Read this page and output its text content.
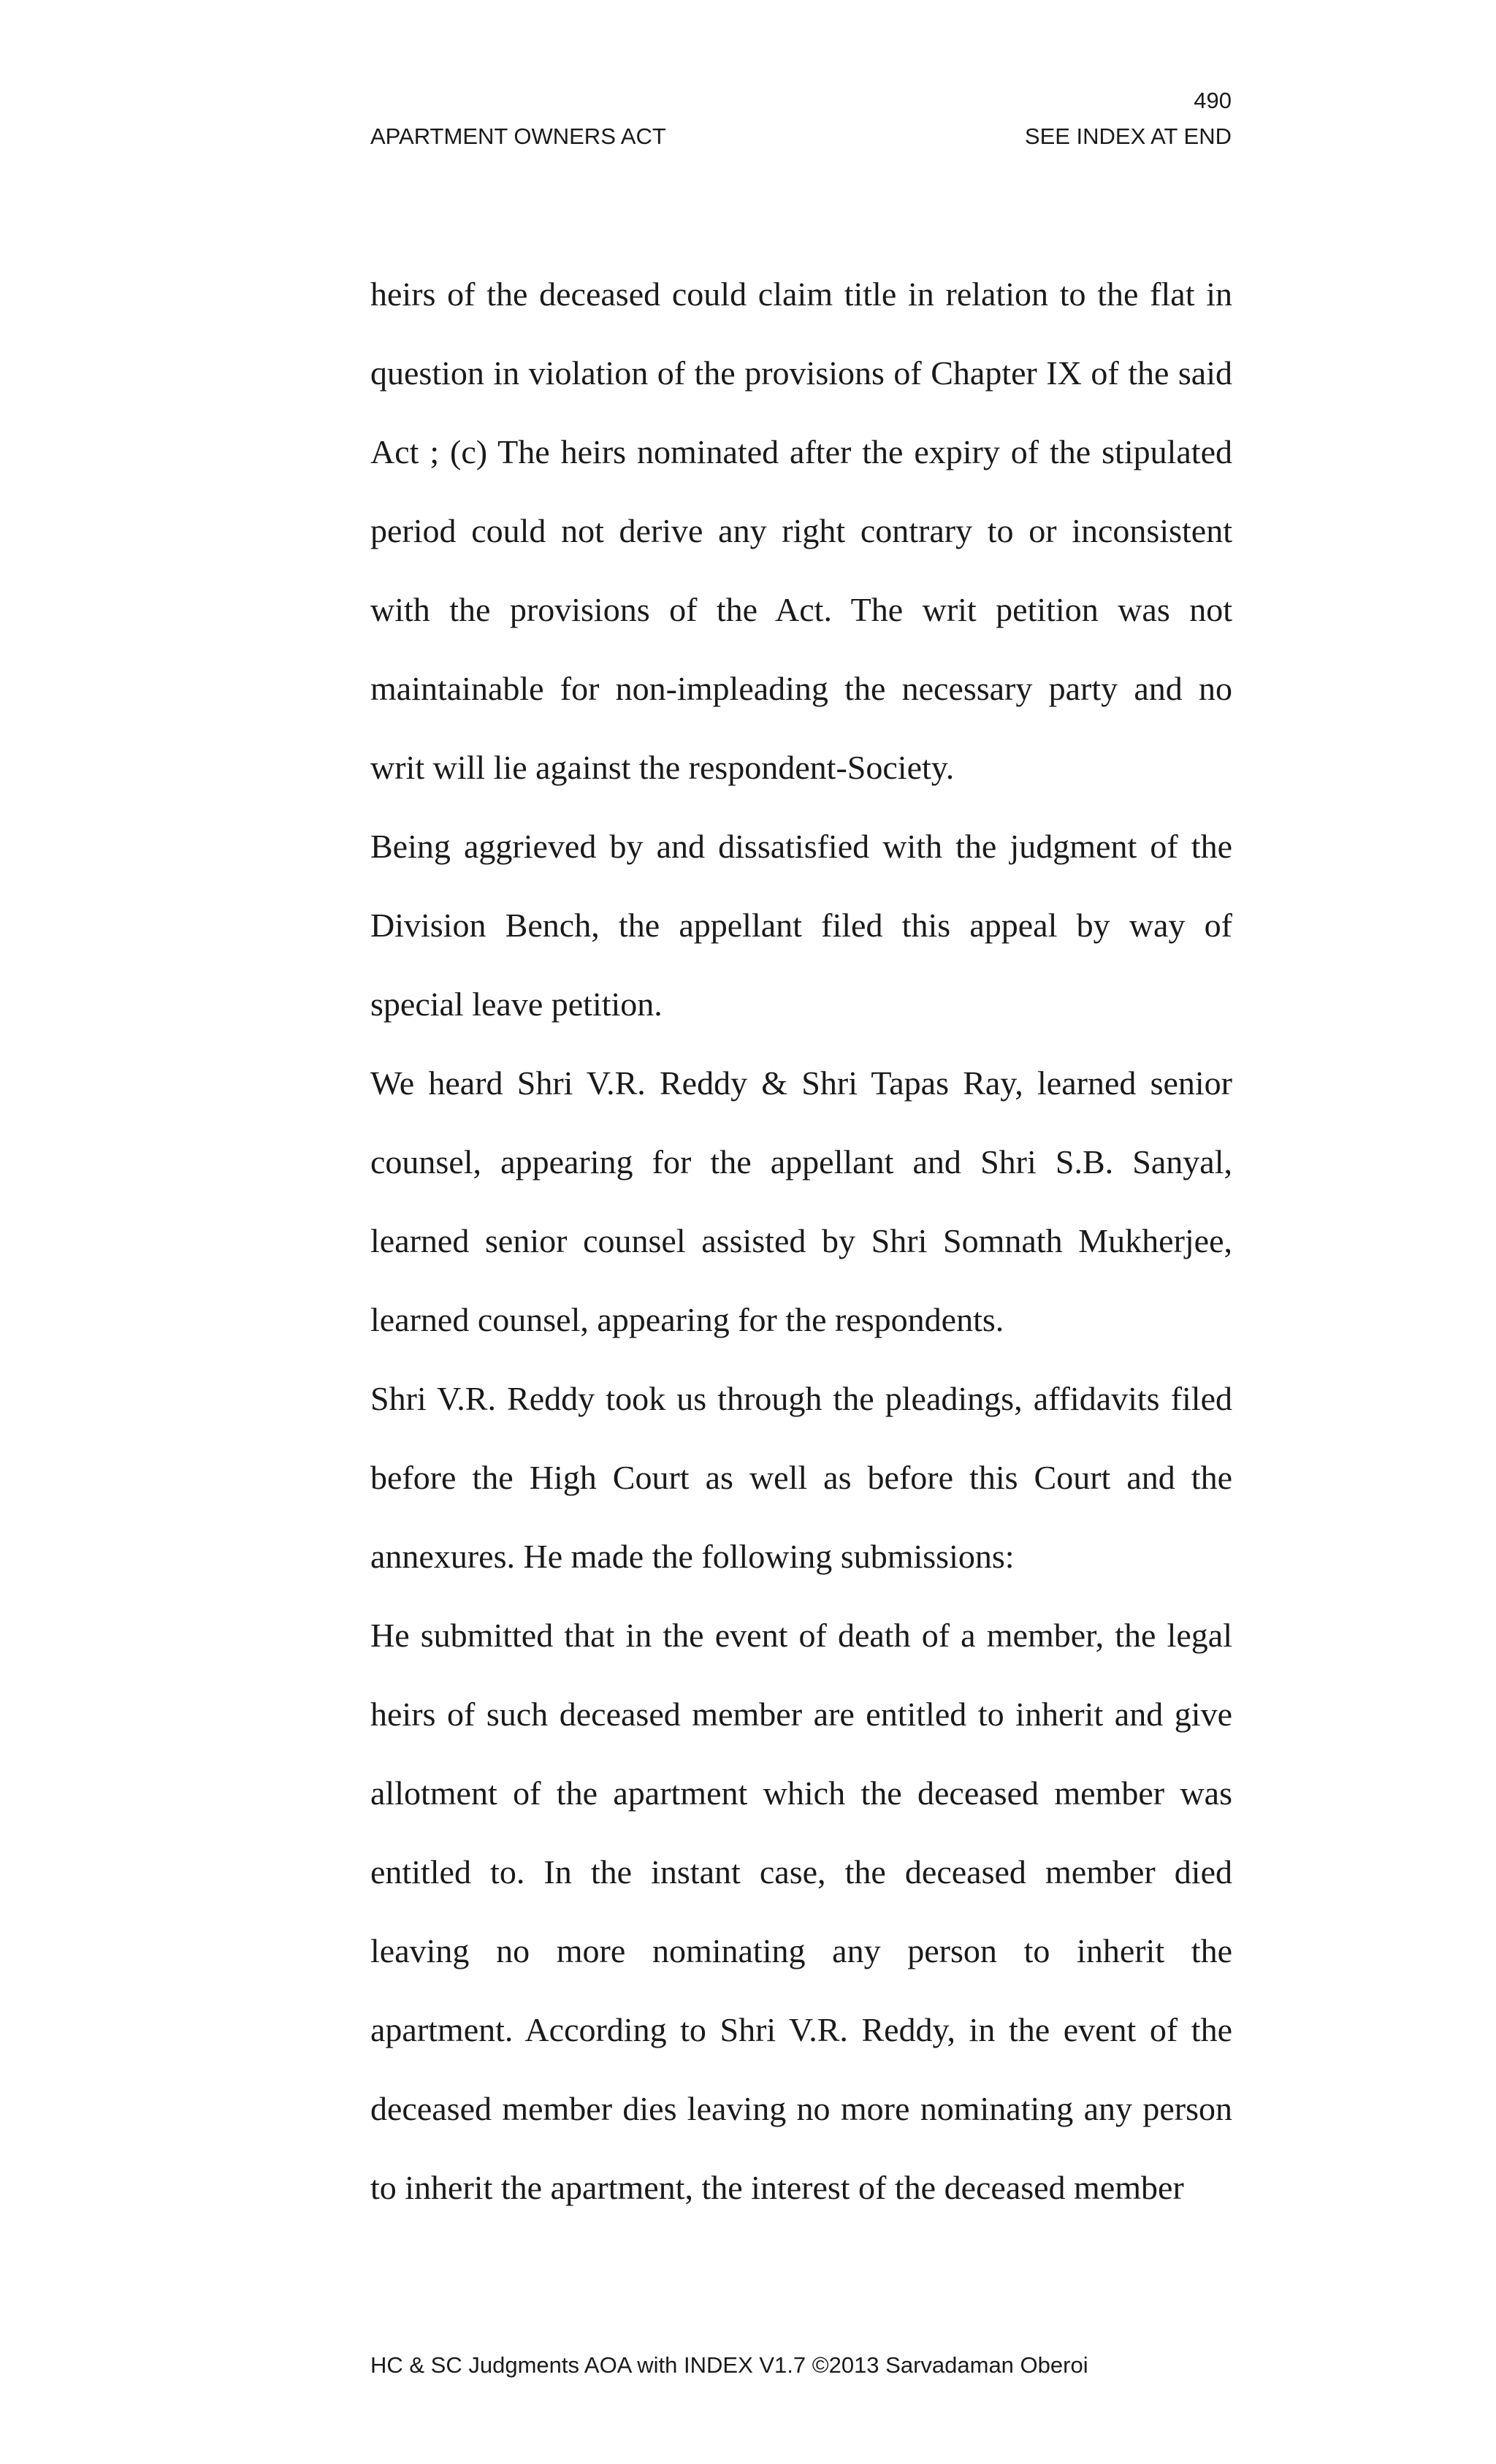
490

APARTMENT OWNERS ACT	SEE INDEX AT END

heirs of the deceased could claim title in relation to the flat in question in violation of the provisions of Chapter IX of the said Act ; (c) The heirs nominated after the expiry of the stipulated period could not derive any right contrary to or inconsistent with the provisions of the Act. The writ petition was not maintainable for non-impleading the necessary party and no writ will lie against the respondent-Society.

Being aggrieved by and dissatisfied with the judgment of the Division Bench, the appellant filed this appeal by way of special leave petition.

We heard Shri V.R. Reddy & Shri Tapas Ray, learned senior counsel, appearing for the appellant and Shri S.B. Sanyal, learned senior counsel assisted by Shri Somnath Mukherjee, learned counsel, appearing for the respondents.

Shri V.R. Reddy took us through the pleadings, affidavits filed before the High Court as well as before this Court and the annexures. He made the following submissions:

He submitted that in the event of death of a member, the legal heirs of such deceased member are entitled to inherit and give allotment of the apartment which the deceased member was entitled to. In the instant case, the deceased member died leaving no more nominating any person to inherit the apartment. According to Shri V.R. Reddy, in the event of the deceased member dies leaving no more nominating any person to inherit the apartment, the interest of the deceased member

HC & SC Judgments AOA with INDEX V1.7 ©2013 Sarvadaman Oberoi
